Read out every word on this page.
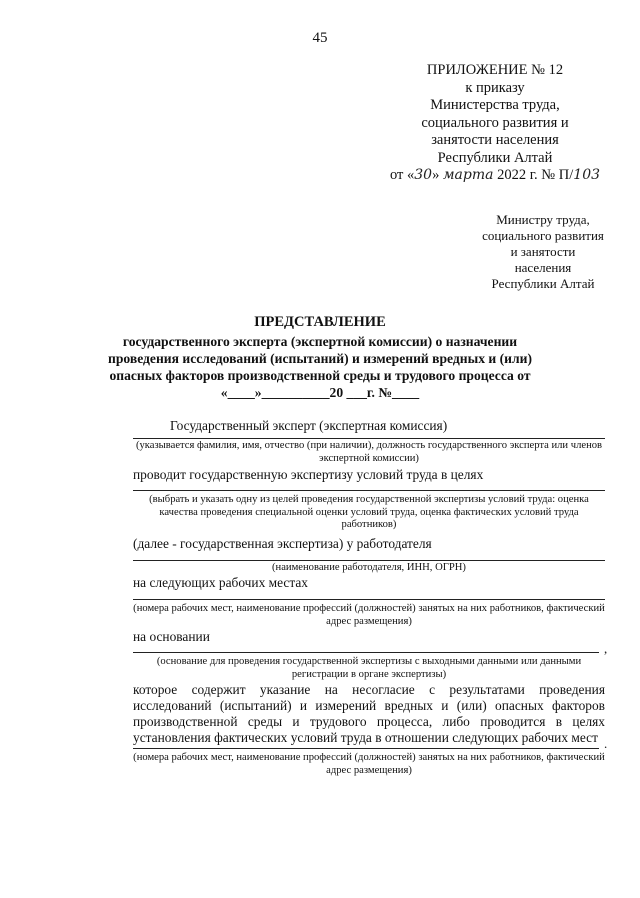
45
ПРИЛОЖЕНИЕ № 12
к приказу
Министерства труда,
социального развития и
занятости населения
Республики Алтай
от «30» марта 2022 г. № П/103
Министру труда,
социального развития
и занятости
населения
Республики Алтай
ПРЕДСТАВЛЕНИЕ
государственного эксперта (экспертной комиссии) о назначении
проведения исследований (испытаний) и измерений вредных и (или)
опасных факторов производственной среды и трудового процесса от
«____»__________20 ___г. №____
Государственный эксперт (экспертная комиссия)
(указывается фамилия, имя, отчество (при наличии), должность государственного эксперта или членов экспертной комиссии)
проводит государственную экспертизу условий труда в целях
(выбрать и указать одну из целей проведения государственной экспертизы условий труда: оценка качества проведения специальной оценки условий труда, оценка фактических условий труда работников)
(далее - государственная экспертиза) у работодателя
(наименование работодателя, ИНН, ОГРН)
на следующих рабочих местах
(номера рабочих мест, наименование профессий (должностей) занятых на них работников, фактический адрес размещения)
на основании
,
(основание для проведения государственной экспертизы с выходными данными или данными регистрации в органе экспертизы)
которое содержит указание на несогласие с результатами проведения исследований (испытаний) и измерений вредных и (или) опасных факторов производственной среды и трудового процесса, либо проводится в целях установления фактических условий труда в отношении следующих рабочих мест .
(номера рабочих мест, наименование профессий (должностей) занятых на них работников, фактический адрес размещения)
